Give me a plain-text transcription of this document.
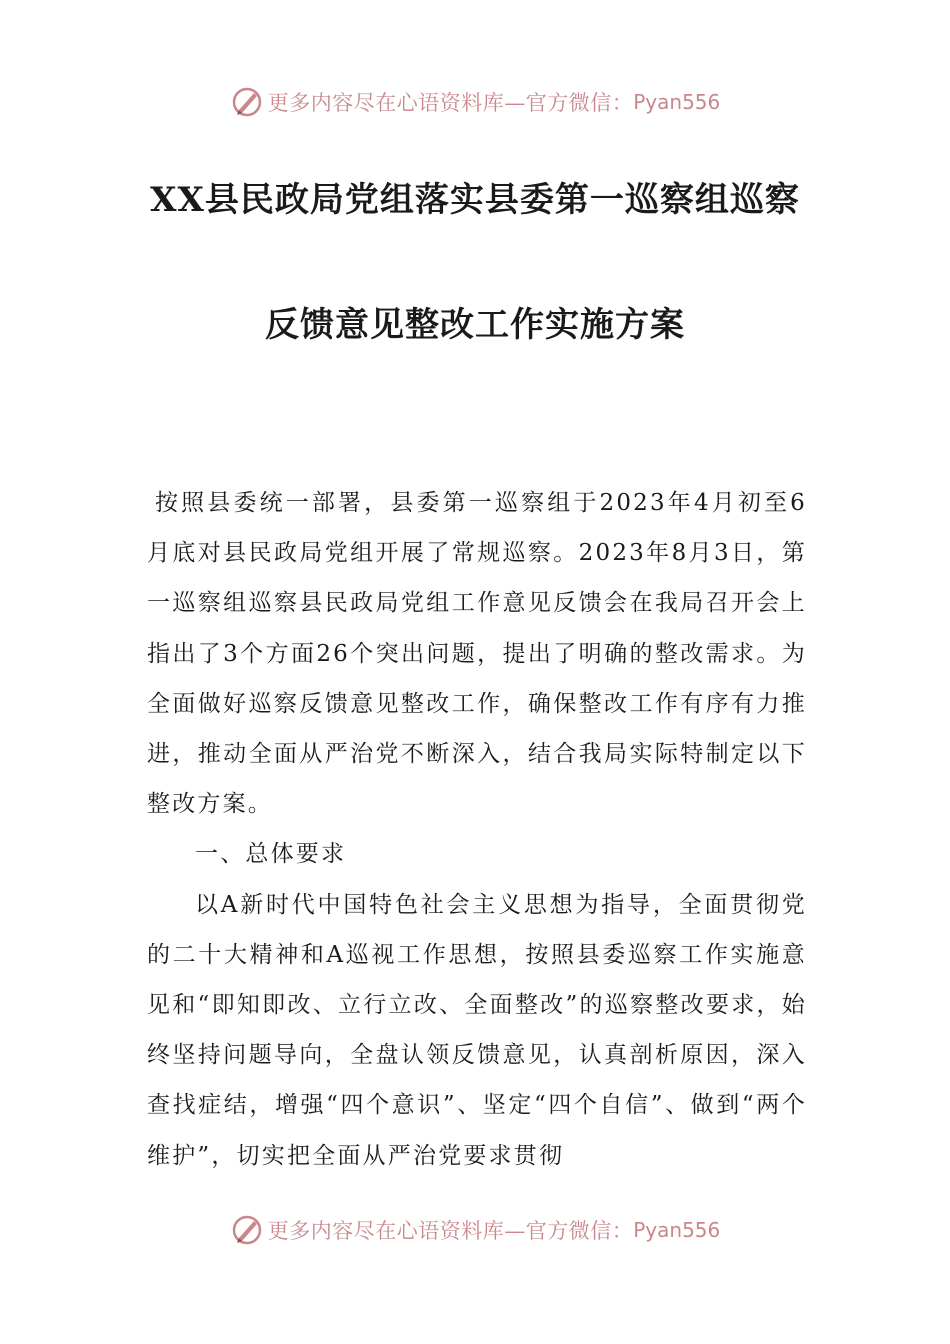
更多内容尽在心语资料库—官方微信： Pyan556
XX县民政局党组落实县委第一巡察组巡察
反馈意见整改工作实施方案

按照县委统一部署，县委第一巡察组于2023年4月初至6月底对县民政局党组开展了常规巡察。2023年8月3日，第一巡察组巡察县民政局党组工作意见反馈会在我局召开会上指出了3个方面26个突出问题，提出了明确的整改需求。为全面做好巡察反馈意见整改工作，确保整改工作有序有力推进，推动全面从严治党不断深入，结合我局实际特制定以下整改方案。

一、总体要求

以A新时代中国特色社会主义思想为指导，全面贯彻党的二十大精神和A巡视工作思想，按照县委巡察工作实施意见和“即知即改、立行立改、全面整改”的巡察整改要求，始终坚持问题导向，全盘认领反馈意见，认真剖析原因，深入查找症结，增强“四个意识”、坚定“四个自信”、做到“两个维护”，切实把全面从严治党要求贯彻

更多内容尽在心语资料库—官方微信： Pyan556
